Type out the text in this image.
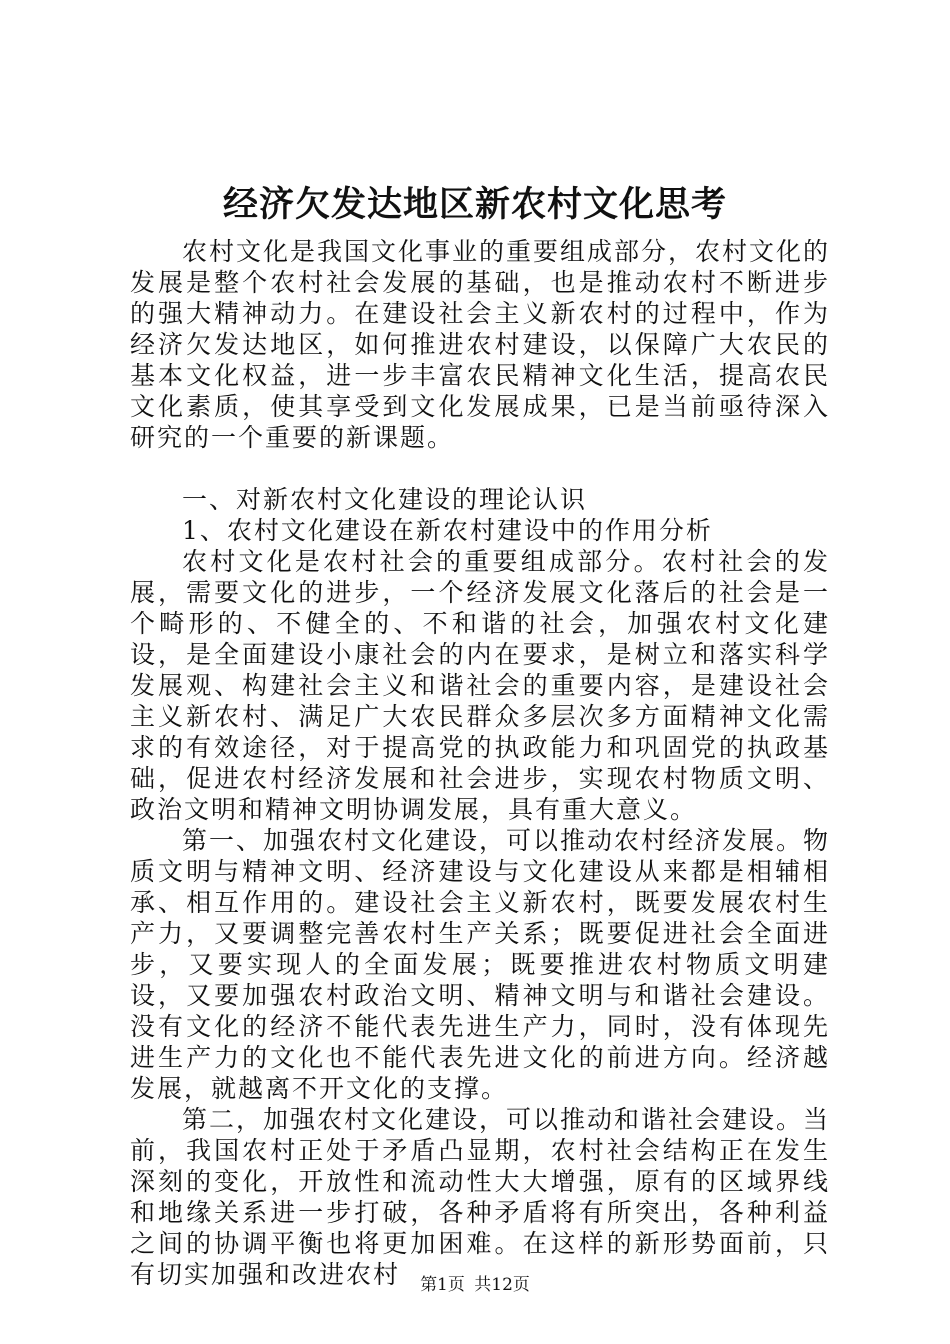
经济欠发达地区新农村文化思考

农村文化是我国文化事业的重要组成部分，农村文化的发展是整个农村社会发展的基础，也是推动农村不断进步的强大精神动力。在建设社会主义新农村的过程中，作为经济欠发达地区，如何推进农村建设，以保障广大农民的基本文化权益，进一步丰富农民精神文化生活，提高农民文化素质，使其享受到文化发展成果，已是当前亟待深入研究的一个重要的新课题。

一、对新农村文化建设的理论认识

1、农村文化建设在新农村建设中的作用分析

农村文化是农村社会的重要组成部分。农村社会的发展，需要文化的进步，一个经济发展文化落后的社会是一个畸形的、不健全的、不和谐的社会，加强农村文化建设，是全面建设小康社会的内在要求，是树立和落实科学发展观、构建社会主义和谐社会的重要内容，是建设社会主义新农村、满足广大农民群众多层次多方面精神文化需求的有效途径，对于提高党的执政能力和巩固党的执政基础，促进农村经济发展和社会进步，实现农村物质文明、政治文明和精神文明协调发展，具有重大意义。

第一、加强农村文化建设，可以推动农村经济发展。物质文明与精神文明、经济建设与文化建设从来都是相辅相承、相互作用的。建设社会主义新农村，既要发展农村生产力，又要调整完善农村生产关系；既要促进社会全面进步，又要实现人的全面发展；既要推进农村物质文明建设，又要加强农村政治文明、精神文明与和谐社会建设。没有文化的经济不能代表先进生产力，同时，没有体现先进生产力的文化也不能代表先进文化的前进方向。经济越发展，就越离不开文化的支撑。

第二，加强农村文化建设，可以推动和谐社会建设。当前，我国农村正处于矛盾凸显期，农村社会结构正在发生深刻的变化，开放性和流动性大大增强，原有的区域界线和地缘关系进一步打破，各种矛盾将有所突出，各种利益之间的协调平衡也将更加困难。在这样的新形势面前，只有切实加强和改进农村	第1页 共12页
